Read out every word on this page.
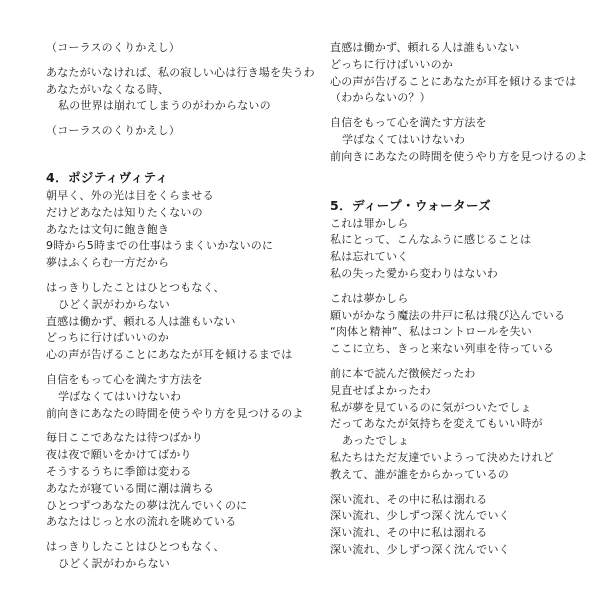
（コーラスのくりかえし）
あなたがいなければ、私の寂しい心は行き場を失うわ
あなたがいなくなる時、
私の世界は崩れてしまうのがわからないの
（コーラスのくりかえし）
4．ポジティヴィティ
朝早く、外の光は目をくらませる
だけどあなたは知りたくないの
あなたは文句に飽き飽き
9時から5時までの仕事はうまくいかないのに
夢はふくらむ一方だから
はっきりしたことはひとつもなく、
ひどく訳がわからない
直感は働かず、頼れる人は誰もいない
どっちに行けばいいのか
心の声が告げることにあなたが耳を傾けるまでは
自信をもって心を満たす方法を
学ばなくてはいけないわ
前向きにあなたの時間を使うやり方を見つけるのよ
毎日ここであなたは待つばかり
夜は夜で願いをかけてばかり
そうするうちに季節は変わる
あなたが寝ている間に潮は満ちる
ひとつずつあなたの夢は沈んでいくのに
あなたはじっと水の流れを眺めている
はっきりしたことはひとつもなく、
ひどく訳がわからない
直感は働かず、頼れる人は誰もいない
どっちに行けばいいのか
心の声が告げることにあなたが耳を傾けるまでは
（わからないの？）
自信をもって心を満たす方法を
学ばなくてはいけないわ
前向きにあなたの時間を使うやり方を見つけるのよ
5．ディープ・ウォーターズ
これは罪かしら
私にとって、こんなふうに感じることは
私は忘れていく
私の失った愛から変わりはないわ
これは夢かしら
願いがかなう魔法の井戸に私は飛び込んでいる
“肉体と精神”、私はコントロールを失い
ここに立ち、きっと来ない列車を待っている
前に本で読んだ徴候だったわ
見直せばよかったわ
私が夢を見ているのに気がついたでしょ
だってあなたが気持ちを変えてもいい時が
あったでしょ
私たちはただ友達でいようって決めたけれど
教えて、誰が誰をからかっているの
深い流れ、その中に私は溺れる
深い流れ、少しずつ深く沈んでいく
深い流れ、その中に私は溺れる
深い流れ、少しずつ深く沈んでいく
